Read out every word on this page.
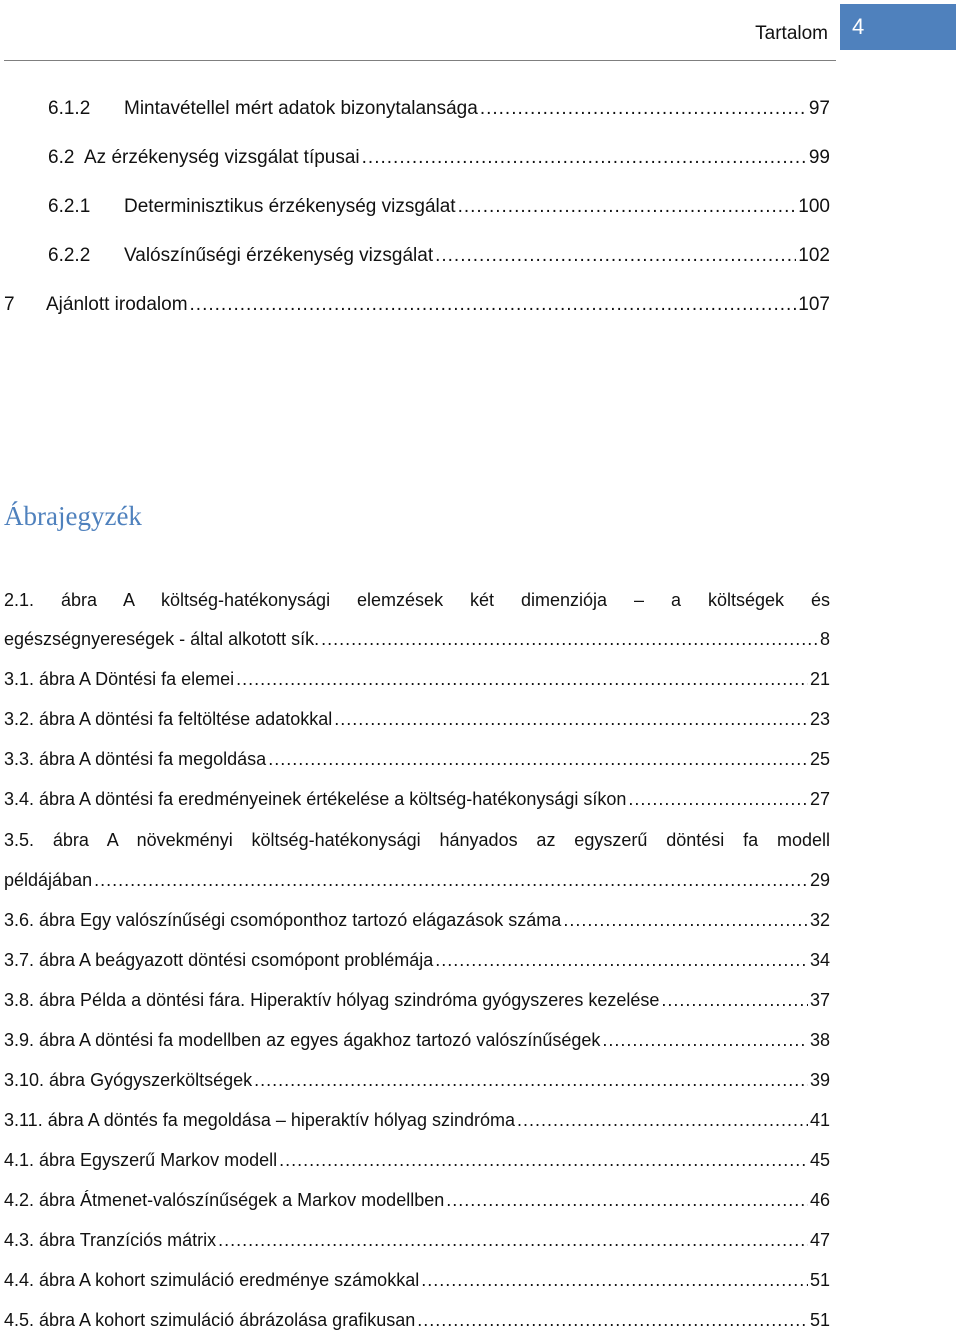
Tartalom	4
6.1.2	Mintavétellel mért adatok bizonytalansága .....	97
6.2 Az érzékenység vizsgálat típusai .....	99
6.2.1	Determinisztikus érzékenység vizsgálat .....	100
6.2.2	Valószínűségi érzékenység vizsgálat .....	102
7	Ajánlott irodalom .....	107
Ábrajegyzék
2.1. ábra A költség-hatékonysági elemzések két dimenziója – a költségek és
egészségnyereségek - által alkotott sík. .....	8
3.1. ábra A Döntési fa elemei .....	21
3.2. ábra A döntési fa feltöltése adatokkal .....	23
3.3. ábra A döntési fa megoldása .....	25
3.4. ábra A döntési fa eredményeinek értékelése a költség-hatékonysági síkon .....	27
3.5. ábra A növekményi költség-hatékonysági hányados az egyszerű döntési fa modell
példájában .....	29
3.6. ábra Egy valószínűségi csomóponthoz tartozó elágazások száma .....	32
3.7. ábra A beágyazott döntési csomópont problémája .....	34
3.8. ábra Példa a döntési fára. Hiperaktív hólyag szindróma gyógyszeres kezelése .....	37
3.9. ábra A döntési fa modellben az egyes ágakhoz tartozó valószínűségek .....	38
3.10. ábra Gyógyszerköltségek .....	39
3.11. ábra A döntés fa megoldása – hiperaktív hólyag szindróma .....	41
4.1. ábra Egyszerű Markov modell .....	45
4.2. ábra Átmenet-valószínűségek a Markov modellben .....	46
4.3. ábra Tranzíciós mátrix .....	47
4.4. ábra A kohort szimuláció eredménye számokkal .....	51
4.5. ábra A kohort szimuláció ábrázolása grafikusan .....	51
